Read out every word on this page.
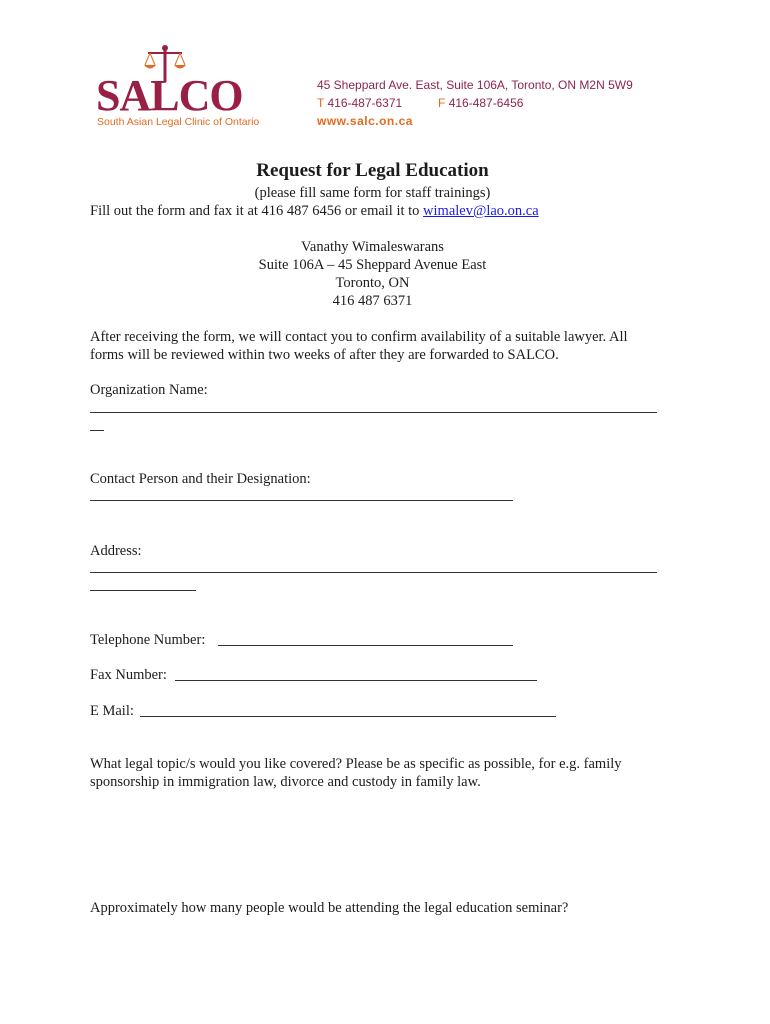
SALCO
South Asian Legal Clinic of Ontario
45 Sheppard Ave. East, Suite 106A, Toronto, ON M2N 5W9
T 416-487-6371	F 416-487-6456
www.salc.on.ca
Request for Legal Education
(please fill same form for staff trainings)
Fill out the form and fax it at 416 487 6456 or email it to wimalev@lao.on.ca
Vanathy Wimaleswarans
Suite 106A – 45 Sheppard Avenue East
Toronto, ON
416 487 6371
After receiving the form, we will contact you to confirm availability of a suitable lawyer. All
forms will be reviewed within two weeks of after they are forwarded to SALCO.
Organization Name:
Contact Person and their Designation:
Address:
Telephone Number:
Fax Number:
E Mail:
What legal topic/s would you like covered? Please be as specific as possible, for e.g. family
sponsorship in immigration law, divorce and custody in family law.
Approximately how many people would be attending the legal education seminar?
